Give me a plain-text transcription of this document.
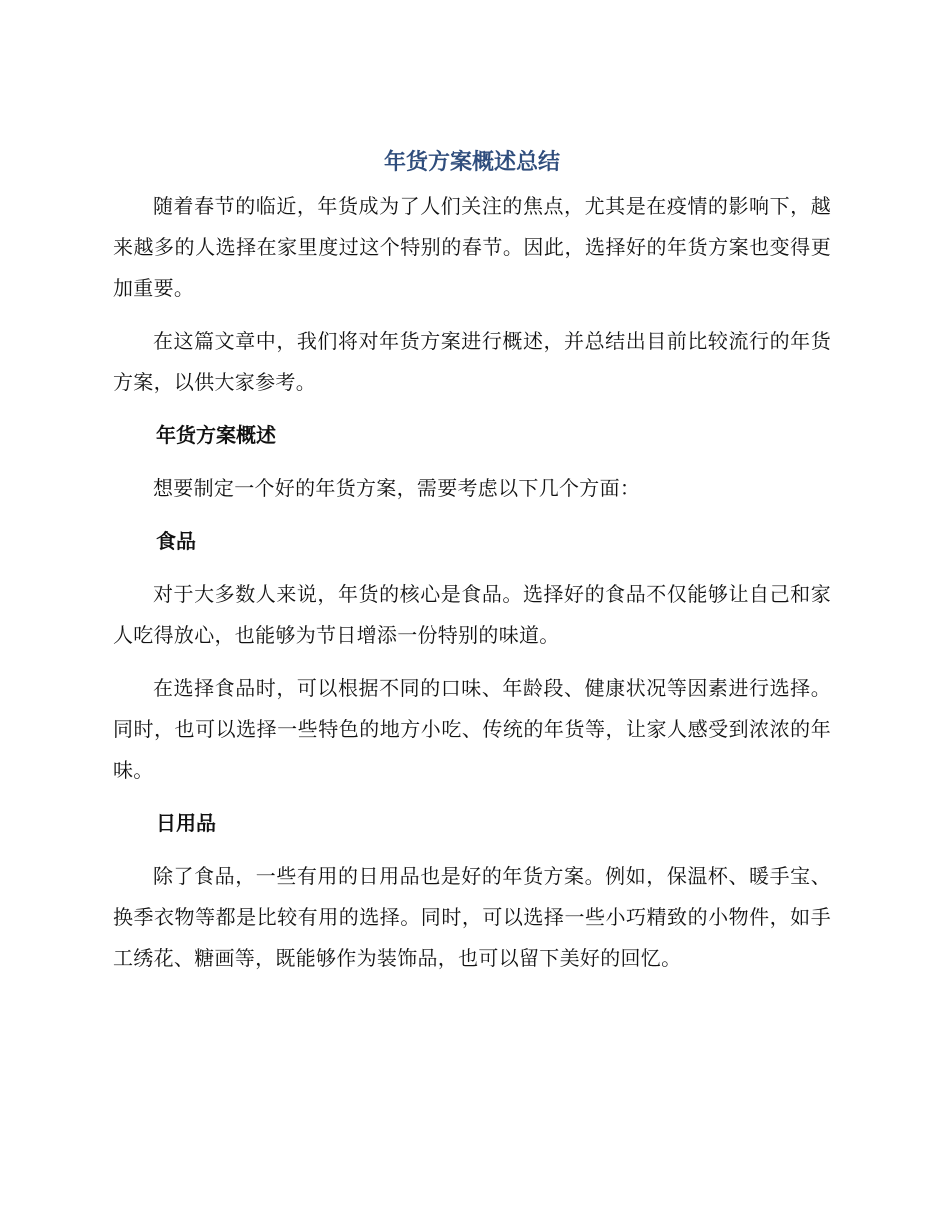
年货方案概述总结

随着春节的临近，年货成为了人们关注的焦点，尤其是在疫情的影响下，越来越多的人选择在家里度过这个特别的春节。因此，选择好的年货方案也变得更加重要。

在这篇文章中，我们将对年货方案进行概述，并总结出目前比较流行的年货方案，以供大家参考。

年货方案概述

想要制定一个好的年货方案，需要考虑以下几个方面：

食品

对于大多数人来说，年货的核心是食品。选择好的食品不仅能够让自己和家人吃得放心，也能够为节日增添一份特别的味道。

在选择食品时，可以根据不同的口味、年龄段、健康状况等因素进行选择。同时，也可以选择一些特色的地方小吃、传统的年货等，让家人感受到浓浓的年味。

日用品

除了食品，一些有用的日用品也是好的年货方案。例如，保温杯、暖手宝、换季衣物等都是比较有用的选择。同时，可以选择一些小巧精致的小物件，如手工绣花、糖画等，既能够作为装饰品，也可以留下美好的回忆。
